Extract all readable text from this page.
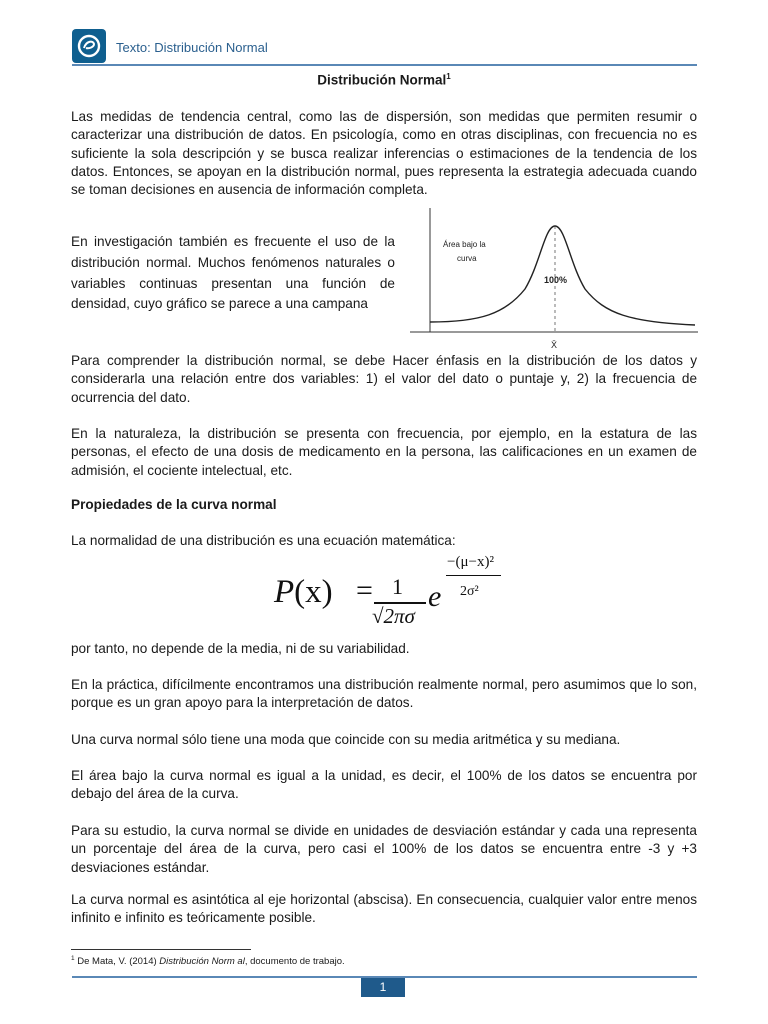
Texto: Distribución Normal
Distribución Normal$^1$

Las medidas de tendencia central, como las de dispersión, son medidas que permiten resumir o caracterizar una distribución de datos. En psicología, como en otras disciplinas, con frecuencia no es suficiente la sola descripción y se busca realizar inferencias o estimaciones de la tendencia de los datos. Entonces, se apoyan en la distribución normal, pues representa la estrategia adecuada cuando se toman decisiones en ausencia de información completa.

En investigación también es frecuente el uso de la distribución normal. Muchos fenómenos naturales o variables continuas presentan una función de densidad, cuyo gráfico se parece a una campana

Área bajo la
curva
100%
X̄

Para comprender la distribución normal, se debe Hacer énfasis en la distribución de los datos y considerarla una relación entre dos variables: 1) el valor del dato o puntaje y, 2) la frecuencia de ocurrencia del dato.

En la naturaleza, la distribución se presenta con frecuencia, por ejemplo, en la estatura de las personas, el efecto de una dosis de medicamento en la persona, las calificaciones en un examen de admisión, el cociente intelectual, etc.

Propiedades de la curva normal

La normalidad de una distribución es una ecuación matemática:

P(x) = 1
√2πσ
e
−(μ−x)²
2σ²

por tanto, no depende de la media, ni de su variabilidad.

En la práctica, difícilmente encontramos una distribución realmente normal, pero asumimos que lo son, porque es un gran apoyo para la interpretación de datos.

Una curva normal sólo tiene una moda que coincide con su media aritmética y su mediana.

El área bajo la curva normal es igual a la unidad, es decir, el 100% de los datos se encuentra por debajo del área de la curva.

Para su estudio, la curva normal se divide en unidades de desviación estándar y cada una representa un porcentaje del área de la curva, pero casi el 100% de los datos se encuentra entre -3 y +3 desviaciones estándar.

La curva normal es asintótica al eje horizontal (abscisa). En consecuencia, cualquier valor entre menos infinito e infinito es teóricamente posible.

$^1$ De Mata, V. (2014) Distribución Norm al, documento de trabajo.
1
